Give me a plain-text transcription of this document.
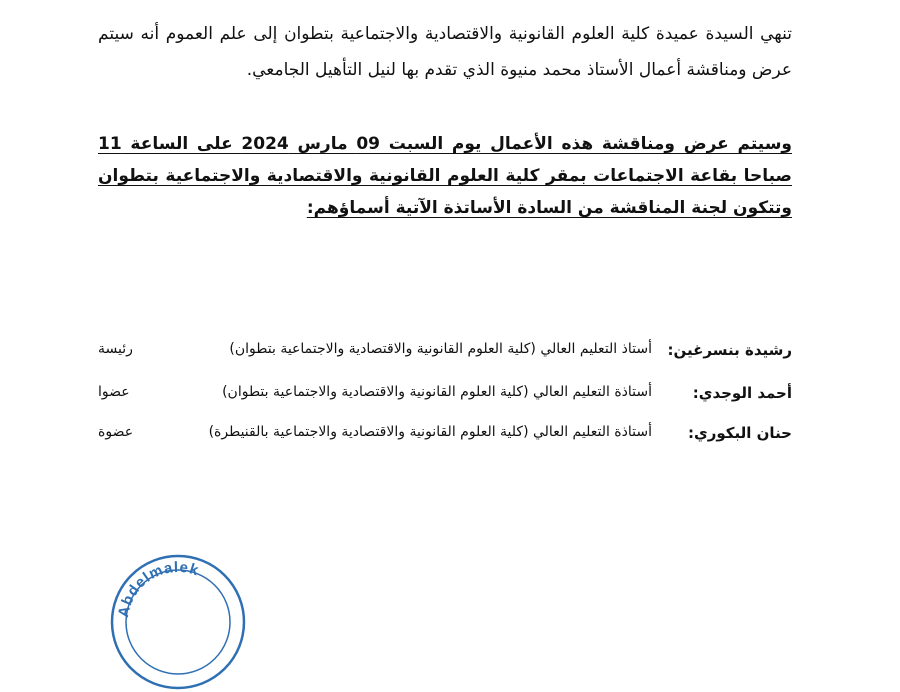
تنهي السيدة عميدة كلية العلوم القانونية والاقتصادية والاجتماعية بتطوان إلى علم العموم أنه سيتم عرض ومناقشة أعمال الأستاذ محمد منيوة الذي تقدم بها لنيل التأهيل الجامعي.

وسيتم عرض ومناقشة هذه الأعمال يوم السبت 09 مارس 2024 على الساعة 11 صباحا بقاعة الاجتماعات بمقر كلية العلوم القانونية والاقتصادية والاجتماعية بتطوان وتتكون لجنة المناقشة من السادة الأساتذة الآتية أسماؤهم:

رشيدة بنسرغين:
أستاذ التعليم العالي (كلية العلوم القانونية والاقتصادية والاجتماعية بتطوان)
رئيسة
أحمد الوجدي:
أستاذة التعليم العالي (كلية العلوم القانونية والاقتصادية والاجتماعية بتطوان)
عضوا
حنان البكوري:
أستاذة التعليم العالي (كلية العلوم القانونية والاقتصادية والاجتماعية بالقنيطرة)
عضوة
Abdelmalek
